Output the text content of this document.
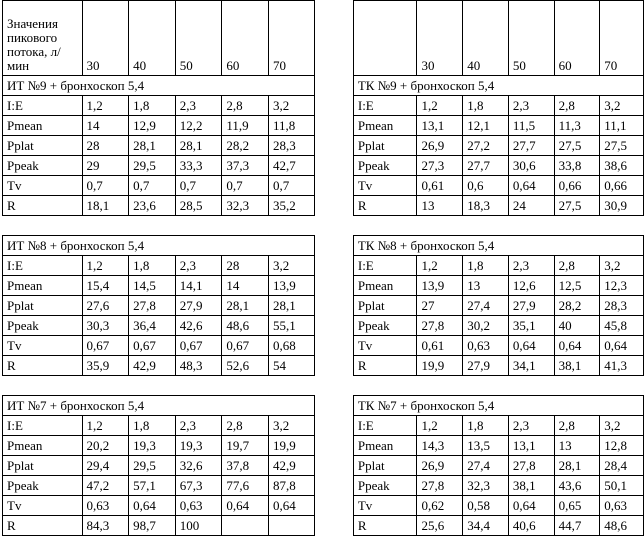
Значения пикового потока, л/мин	30	40	50	60	70			30	40	50	60	70
ИТ №9 + бронхоскоп 5,4							ТК №9 + бронхоскоп 5,4					
I:E	1,2	1,8	2,3	2,8	3,2		I:E	1,2	1,8	2,3	2,8	3,2
Pmean	14	12,9	12,2	11,9	11,8		Pmean	13,1	12,1	11,5	11,3	11,1
Pplat	28	28,1	28,1	28,2	28,3		Pplat	26,9	27,2	27,7	27,5	27,5
Ppeak	29	29,5	33,3	37,3	42,7		Ppeak	27,3	27,7	30,6	33,8	38,6
Tv	0,7	0,7	0,7	0,7	0,7		Tv	0,61	0,6	0,64	0,66	0,66
R	18,1	23,6	28,5	32,3	35,2		R	13	18,3	24	27,5	30,9

ИТ №8 + бронхоскоп 5,4							ТК №8 + бронхоскоп 5,4					
I:E	1,2	1,8	2,3	28	3,2		I:E	1,2	1,8	2,3	2,8	3,2
Pmean	15,4	14,5	14,1	14	13,9		Pmean	13,9	13	12,6	12,5	12,3
Pplat	27,6	27,8	27,9	28,1	28,1		Pplat	27	27,4	27,9	28,2	28,3
Ppeak	30,3	36,4	42,6	48,6	55,1		Ppeak	27,8	30,2	35,1	40	45,8
Tv	0,67	0,67	0,67	0,67	0,68		Tv	0,61	0,63	0,64	0,64	0,64
R	35,9	42,9	48,3	52,6	54		R	19,9	27,9	34,1	38,1	41,3

ИТ №7 + бронхоскоп 5,4							ТК №7 + бронхоскоп 5,4					
I:E	1,2	1,8	2,3	2,8	3,2		I:E	1,2	1,8	2,3	2,8	3,2
Pmean	20,2	19,3	19,3	19,7	19,9		Pmean	14,3	13,5	13,1	13	12,8
Pplat	29,4	29,5	32,6	37,8	42,9		Pplat	26,9	27,4	27,8	28,1	28,4
Ppeak	47,2	57,1	67,3	77,6	87,8		Ppeak	27,8	32,3	38,1	43,6	50,1
Tv	0,63	0,64	0,63	0,64	0,64		Tv	0,62	0,58	0,64	0,65	0,63
R	84,3	98,7	100				R	25,6	34,4	40,6	44,7	48,6
